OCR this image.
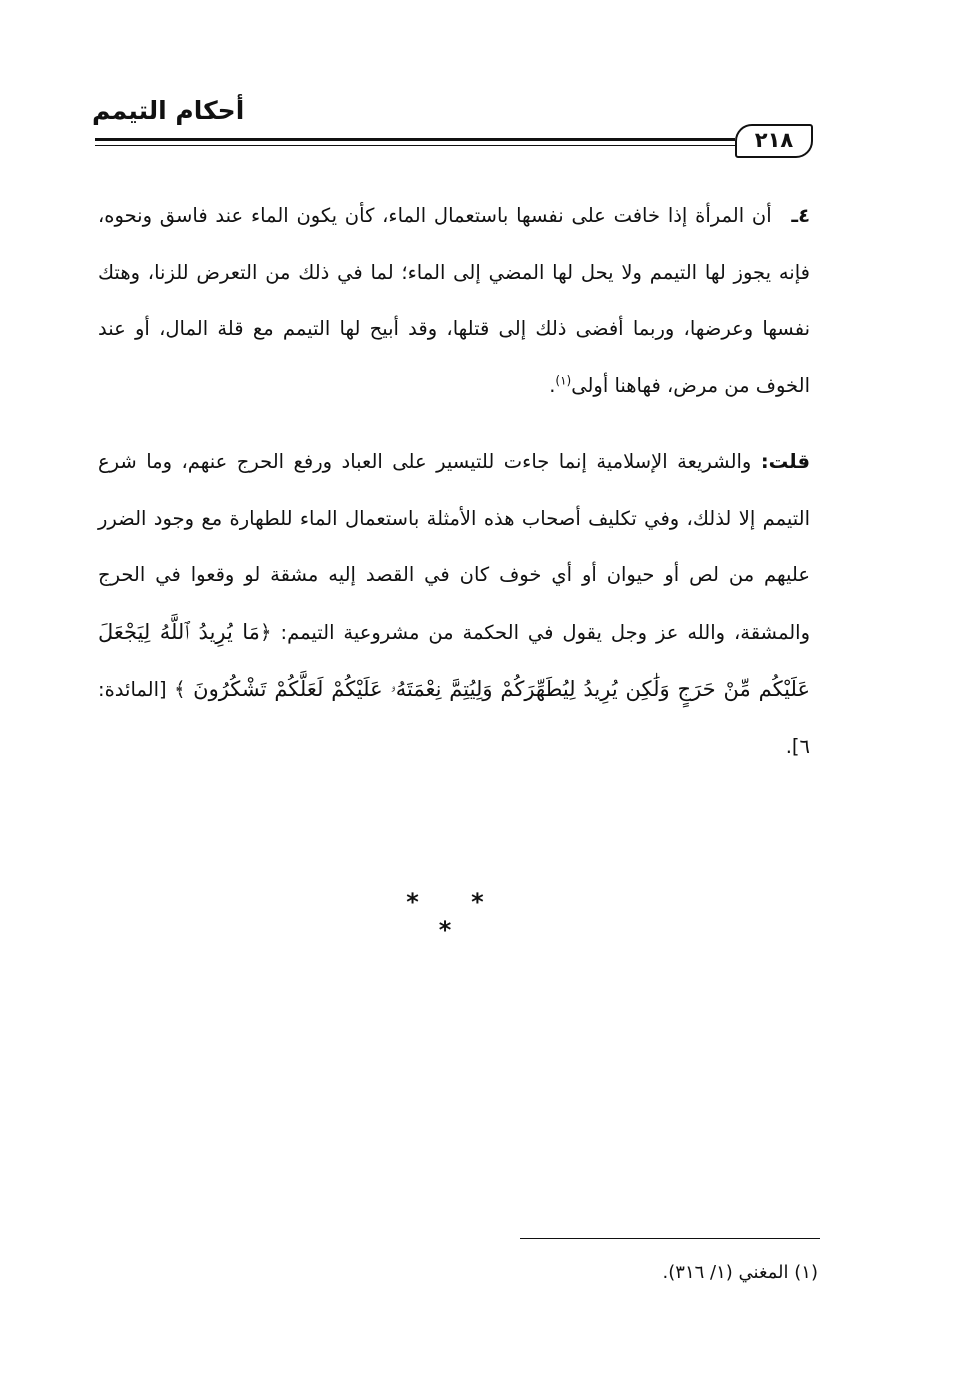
أحكام التيمم
٢١٨
٤ـ أن المرأة إذا خافت على نفسها باستعمال الماء، كأن يكون الماء عند فاسق ونحوه، فإنه يجوز لها التيمم ولا يحل لها المضي إلى الماء؛ لما في ذلك من التعرض للزنا، وهتك نفسها وعرضها، وربما أفضى ذلك إلى قتلها، وقد أبيح لها التيمم مع قلة المال، أو عند الخوف من مرض، فهاهنا أولى$^{(١)}$.
قلت: والشريعة الإسلامية إنما جاءت للتيسير على العباد ورفع الحرج عنهم، وما شرع التيمم إلا لذلك، وفي تكليف أصحاب هذه الأمثلة باستعمال الماء للطهارة مع وجود الضرر عليهم من لص أو حيوان أو أي خوف كان في القصد إليه مشقة لو وقعوا في الحرج والمشقة، والله عز وجل يقول في الحكمة من مشروعية التيمم: ﴿مَا يُرِيدُ ٱللَّهُ لِيَجْعَلَ عَلَيْكُم مِّنْ حَرَجٍ وَلَٰكِن يُرِيدُ لِيُطَهِّرَكُمْ وَلِيُتِمَّ نِعْمَتَهُۥ عَلَيْكُمْ لَعَلَّكُمْ تَشْكُرُونَ ﴾ [المائدة: ٦].
* * *
(١) المغني (١/ ٣١٦).
